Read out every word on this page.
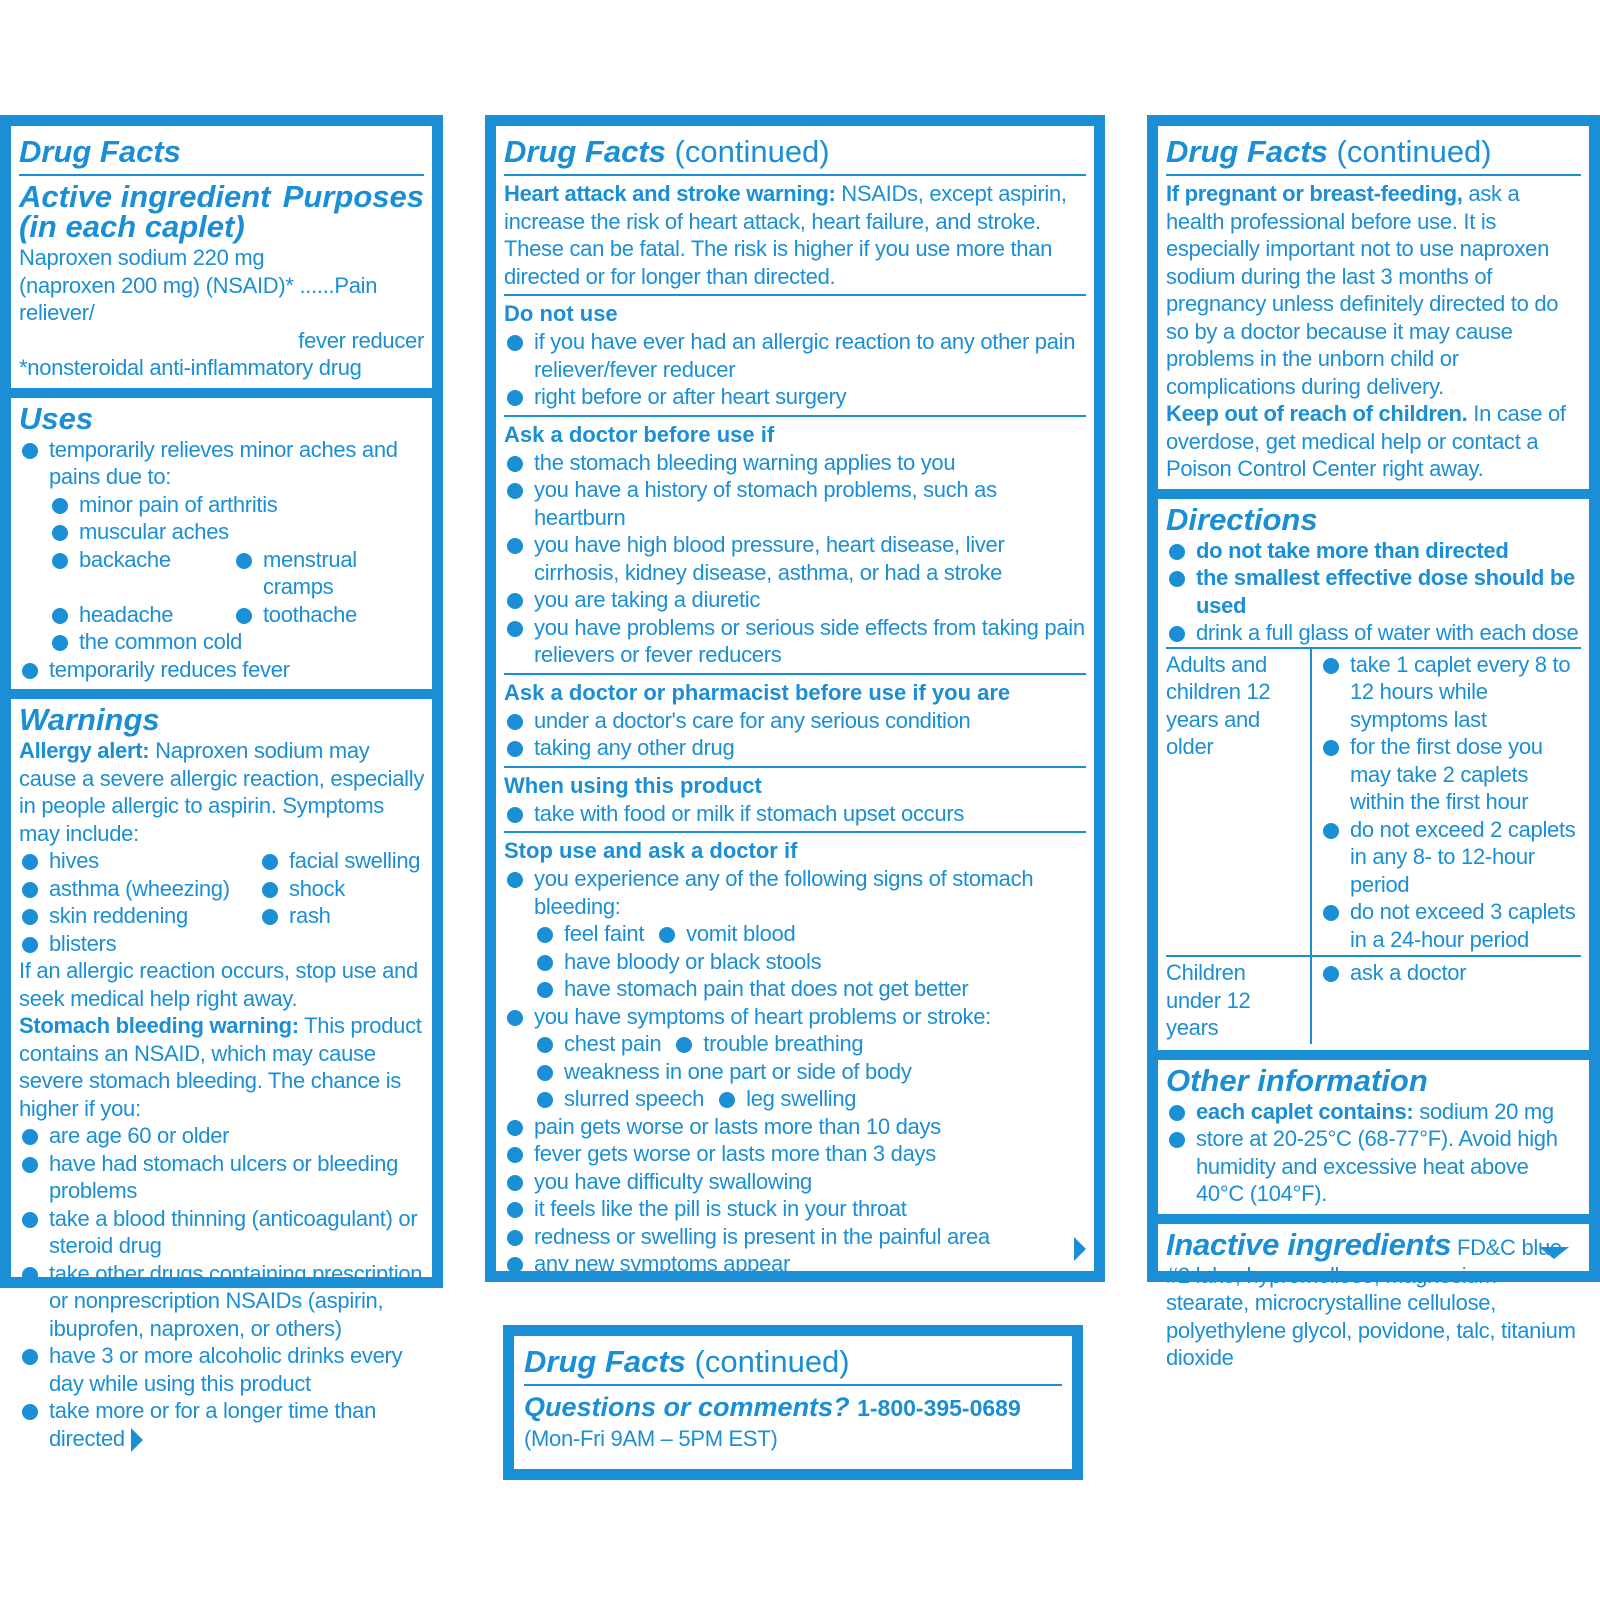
Drug Facts
Active ingredient
(in each caplet)
Purposes

Naproxen sodium 220 mg

(naproxen 200 mg) (NSAID)* ......Pain reliever/

fever reducer

*nonsteroidal anti-inflammatory drug

Uses
temporarily relieves minor aches and pains due to:
minor pain of arthritis
muscular aches
backache	menstrual cramps
headache	toothache
the common cold
temporarily reduces fever
Warnings

Allergy alert: Naproxen sodium may cause a severe allergic reaction, especially in people allergic to aspirin. Symptoms may include:

hives	facial swelling
asthma (wheezing)	shock
skin reddening	rash
blisters

If an allergic reaction occurs, stop use and seek medical help right away.

Stomach bleeding warning: This product contains an NSAID, which may cause severe stomach bleeding. The chance is higher if you:

are age 60 or older
have had stomach ulcers or bleeding problems
take a blood thinning (anticoagulant) or steroid drug
take other drugs containing prescription or nonprescription NSAIDs (aspirin, ibuprofen, naproxen, or others)
have 3 or more alcoholic drinks every day while using this product
take more or for a longer time than directed
Drug Facts (continued)

Heart attack and stroke warning: NSAIDs, except aspirin, increase the risk of heart attack, heart failure, and stroke. These can be fatal. The risk is higher if you use more than directed or for longer than directed.

Do not use
if you have ever had an allergic reaction to any other pain reliever/fever reducer
right before or after heart surgery
Ask a doctor before use if
the stomach bleeding warning applies to you
you have a history of stomach problems, such as heartburn
you have high blood pressure, heart disease, liver cirrhosis, kidney disease, asthma, or had a stroke
you are taking a diuretic
you have problems or serious side effects from taking pain relievers or fever reducers
Ask a doctor or pharmacist before use if you are
under a doctor's care for any serious condition
taking any other drug
When using this product
take with food or milk if stomach upset occurs
Stop use and ask a doctor if
you experience any of the following signs of stomach bleeding:
feel faint vomit bloodhave bloody or black stools
have stomach pain that does not get better
you have symptoms of heart problems or stroke:
chest pain trouble breathing
weakness in one part or side of body
slurred speech leg swelling
pain gets worse or lasts more than 10 days
fever gets worse or lasts more than 3 days
you have difficulty swallowing
it feels like the pill is stuck in your throat
redness or swelling is present in the painful area
any new symptoms appear
Drug Facts (continued)

If pregnant or breast-feeding, ask a health professional before use. It is especially important not to use naproxen sodium during the last 3 months of pregnancy unless definitely directed to do so by a doctor because it may cause problems in the unborn child or complications during delivery.

Keep out of reach of children. In case of overdose, get medical help or contact a Poison Control Center right away.

Directions
do not take more than directed
the smallest effective dose should be used
drink a full glass of water with each dose
Adults and children 12 years and older
take 1 caplet every 8 to 12 hours while symptoms last
for the first dose you may take 2 caplets within the first hour
do not exceed 2 caplets in any 8- to 12-hour period
do not exceed 3 caplets in a 24-hour period
Children under 12 years
ask a doctor
Other information
each caplet contains: sodium 20 mg
store at 20-25°C (68-77°F). Avoid high humidity and excessive heat above 40°C (104°F).

Inactive ingredients FD&C blue #2 lake, hypromellose, magnesium stearate, microcrystalline cellulose, polyethylene glycol, povidone, talc, titanium dioxide

Drug Facts (continued)
Questions or comments? 1-800-395-0689

(Mon-Fri 9AM – 5PM EST)
